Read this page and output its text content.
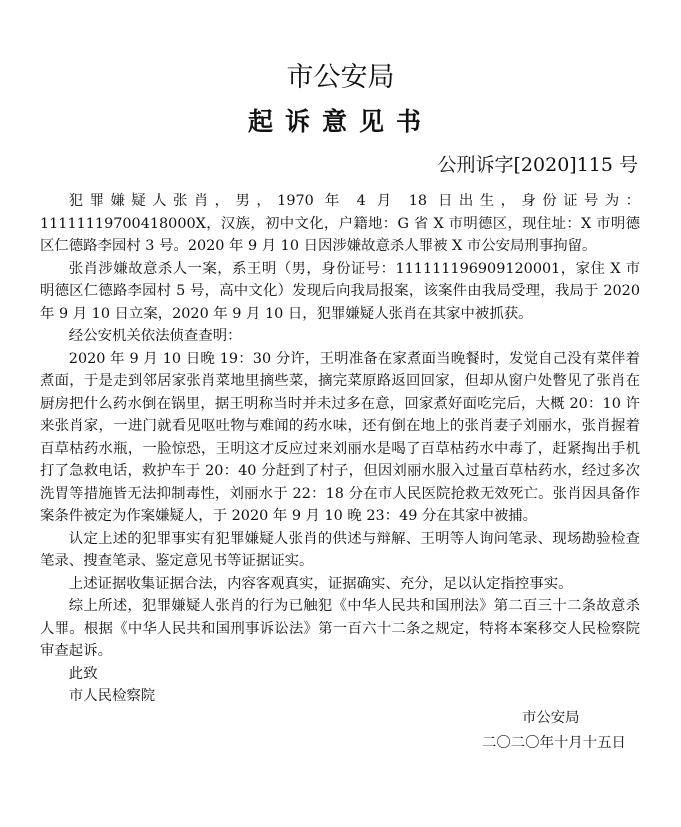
市公安局
起诉意见书
公刑诉字[2020]115 号

犯罪嫌疑人张肖，男，1970 年 4 月 18 日出生，身份证号为：11111119700418000X，汉族，初中文化，户籍地：G 省 X 市明德区，现住址：X 市明德区仁德路李园村 3 号。2020 年 9 月 10 日因涉嫌故意杀人罪被 X 市公安局刑事拘留。

张肖涉嫌故意杀人一案，系王明（男，身份证号：111111196909120001，家住 X 市明德区仁德路李园村 5 号，高中文化）发现后向我局报案，该案件由我局受理，我局于 2020 年 9 月 10 日立案，2020 年 9 月 10 日，犯罪嫌疑人张肖在其家中被抓获。

经公安机关依法侦查查明：

2020 年 9 月 10 日晚 19：30 分许，王明准备在家煮面当晚餐时，发觉自己没有菜伴着煮面，于是走到邻居家张肖菜地里摘些菜，摘完菜原路返回回家，但却从窗户处瞥见了张肖在厨房把什么药水倒在锅里，据王明称当时并未过多在意，回家煮好面吃完后，大概 20：10 许来张肖家，一进门就看见呕吐物与难闻的药水味，还有倒在地上的张肖妻子刘丽水，张肖握着百草枯药水瓶，一脸惊恐，王明这才反应过来刘丽水是喝了百草枯药水中毒了，赶紧掏出手机打了急救电话，救护车于 20：40 分赶到了村子，但因刘丽水服入过量百草枯药水，经过多次洗胃等措施皆无法抑制毒性，刘丽水于 22：18 分在市人民医院抢救无效死亡。张肖因具备作案条件被定为作案嫌疑人，于 2020 年 9 月 10 晚 23：49 分在其家中被捕。

认定上述的犯罪事实有犯罪嫌疑人张肖的供述与辩解、王明等人询问笔录、现场勘验检查笔录、搜查笔录、鉴定意见书等证据证实。

上述证据收集证据合法，内容客观真实，证据确实、充分，足以认定指控事实。

综上所述，犯罪嫌疑人张肖的行为已触犯《中华人民共和国刑法》第二百三十二条故意杀人罪。根据《中华人民共和国刑事诉讼法》第一百六十二条之规定，特将本案移交人民检察院审查起诉。

此致

市人民检察院

市公安局
二〇二〇年十月十五日
